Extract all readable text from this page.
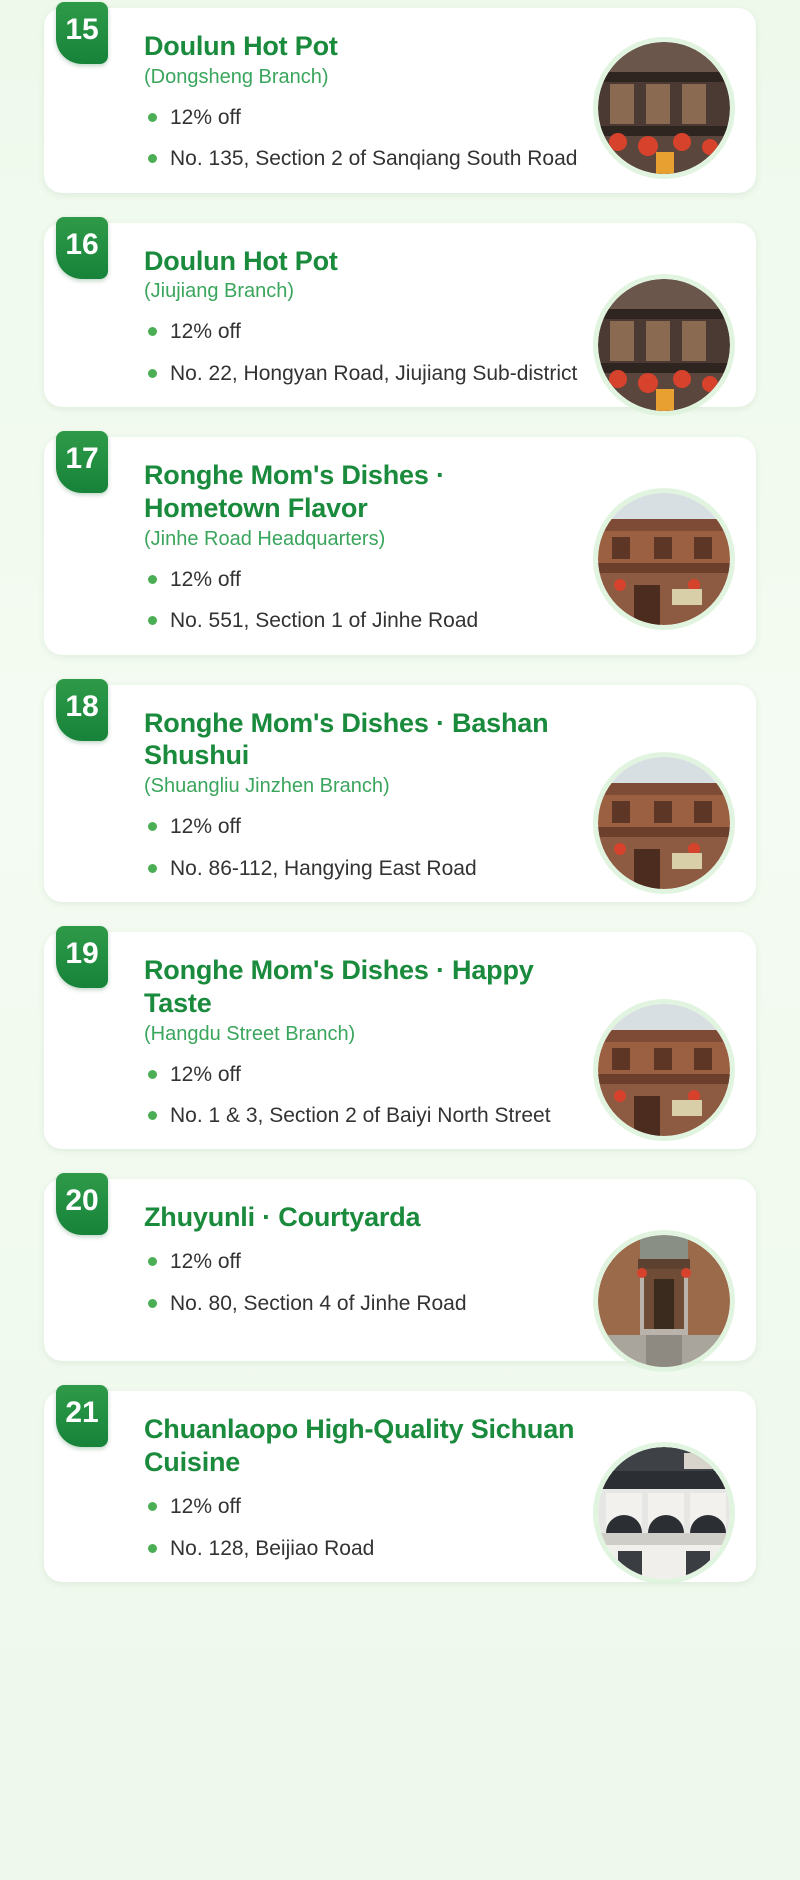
15	Doulun Hot Pot
(Dongsheng Branch)
12% off
No. 135, Section 2 of Sanqiang South Road
16	Doulun Hot Pot
(Jiujiang Branch)
12% off
No. 22, Hongyan Road, Jiujiang Sub-district
17	Ronghe Mom's Dishes · Hometown Flavor
(Jinhe Road Headquarters)
12% off
No. 551, Section 1 of Jinhe Road
18	Ronghe Mom's Dishes · Bashan Shushui
(Shuangliu Jinzhen Branch)
12% off
No. 86-112, Hangying East Road
19	Ronghe Mom's Dishes · Happy Taste
(Hangdu Street Branch)
12% off
No. 1 & 3, Section 2 of Baiyi North Street
20	Zhuyunli · Courtyarda
12% off
No. 80, Section 4 of Jinhe Road
21	Chuanlaopo High-Quality Sichuan Cuisine
12% off
No. 128, Beijiao Road
